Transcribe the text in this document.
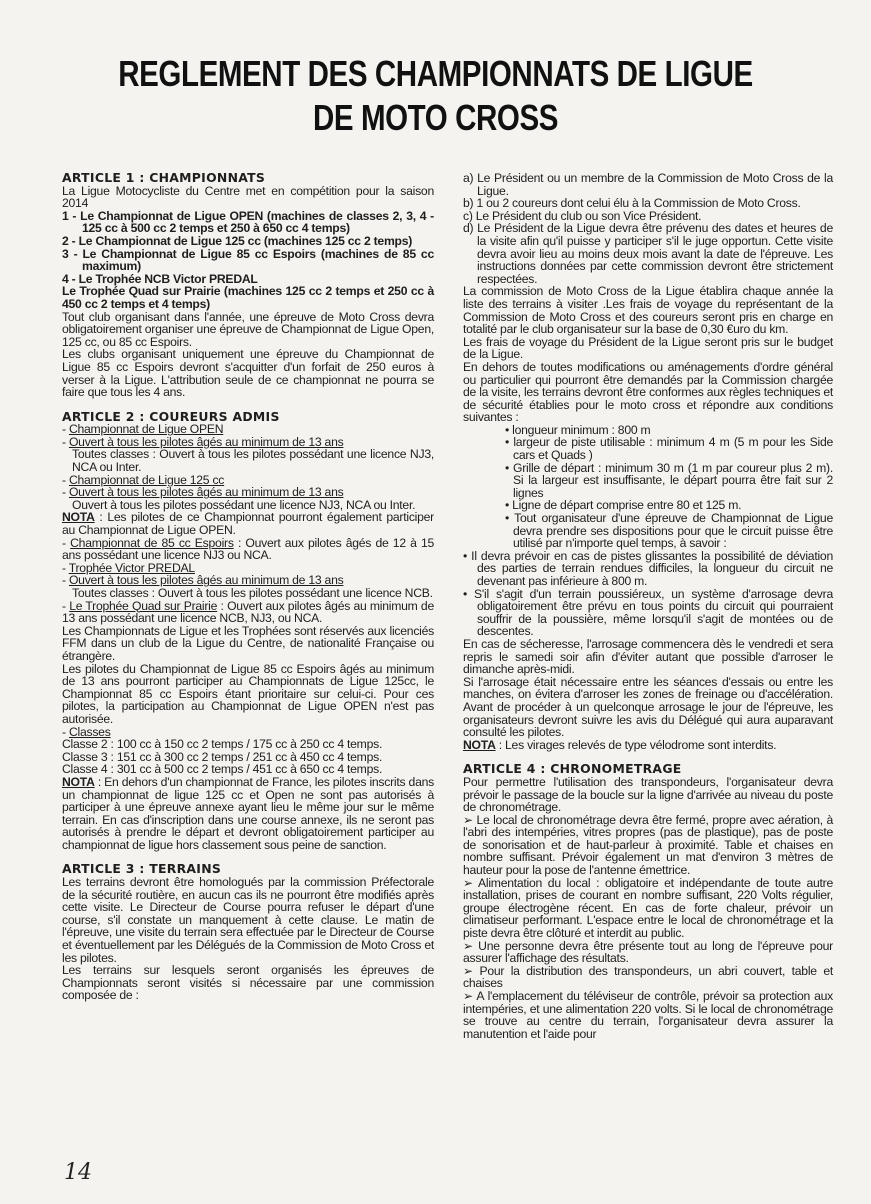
REGLEMENT DES CHAMPIONNATS DE LIGUE
DE MOTO CROSS

ARTICLE 1 : CHAMPIONNATS

La Ligue Motocycliste du Centre met en compétition pour la saison 2014

1 - Le Championnat de Ligue OPEN (machines de classes 2, 3, 4 - 125 cc à 500 cc 2 temps et 250 à 650 cc 4 temps)

2 - Le Championnat de Ligue 125 cc (machines 125 cc 2 temps)

3 - Le Championnat de Ligue 85 cc Espoirs (machines de 85 cc maximum)

4 - Le Trophée NCB Victor PREDAL

Le Trophée Quad sur Prairie (machines 125 cc 2 temps et 250 cc à 450 cc 2 temps et 4 temps)

Tout club organisant dans l'année, une épreuve de Moto Cross devra obligatoirement organiser une épreuve de Championnat de Ligue Open, 125 cc, ou 85 cc Espoirs.

Les clubs organisant uniquement une épreuve du Championnat de Ligue 85 cc Espoirs devront s'acquitter d'un forfait de 250 euros à verser à la Ligue. L'attribution seule de ce championnat ne pourra se faire que tous les 4 ans.

ARTICLE 2 : COUREURS ADMIS

- Championnat de Ligue OPEN

- Ouvert à tous les pilotes âgés au minimum de 13 ans

Toutes classes : Ouvert à tous les pilotes possédant une licence NJ3, NCA ou Inter.

- Championnat de Ligue 125 cc

- Ouvert à tous les pilotes âgés au minimum de 13 ans

Ouvert à tous les pilotes possédant une licence NJ3, NCA ou Inter.

NOTA : Les pilotes de ce Championnat pourront également participer au Championnat de Ligue OPEN.

- Championnat de 85 cc Espoirs : Ouvert aux pilotes âgés de 12 à 15 ans possédant une licence NJ3 ou NCA.

- Trophée Victor PREDAL

- Ouvert à tous les pilotes âgés au minimum de 13 ans

Toutes classes : Ouvert à tous les pilotes possédant une licence NCB.

- Le Trophée Quad sur Prairie : Ouvert aux pilotes âgés au minimum de 13 ans possédant une licence NCB, NJ3, ou NCA.

Les Championnats de Ligue et les Trophées sont réservés aux licenciés FFM dans un club de la Ligue du Centre, de nationalité Française ou étrangère.

Les pilotes du Championnat de Ligue 85 cc Espoirs âgés au minimum de 13 ans pourront participer au Championnats de Ligue 125cc, le Championnat 85 cc Espoirs étant prioritaire sur celui-ci. Pour ces pilotes, la participation au Championnat de Ligue OPEN n'est pas autorisée.

- Classes

Classe 2 : 100 cc à 150 cc 2 temps / 175 cc à 250 cc 4 temps.

Classe 3 : 151 cc à 300 cc 2 temps / 251 cc à 450 cc 4 temps.

Classe 4 : 301 cc à 500 cc 2 temps / 451 cc à 650 cc 4 temps.

NOTA : En dehors d'un championnat de France, les pilotes inscrits dans un championnat de ligue 125 cc et Open ne sont pas autorisés à participer à une épreuve annexe ayant lieu le même jour sur le même terrain. En cas d'inscription dans une course annexe, ils ne seront pas autorisés à prendre le départ et devront obligatoirement participer au championnat de ligue hors classement sous peine de sanction.

ARTICLE 3 : TERRAINS

Les terrains devront être homologués par la commission Préfectorale de la sécurité routière, en aucun cas ils ne pourront être modifiés après cette visite. Le Directeur de Course pourra refuser le départ d'une course, s'il constate un manquement à cette clause. Le matin de l'épreuve, une visite du terrain sera effectuée par le Directeur de Course et éventuellement par les Délégués de la Commission de Moto Cross et les pilotes.

Les terrains sur lesquels seront organisés les épreuves de Championnats seront visités si nécessaire par une commission composée de :

a) Le Président ou un membre de la Commission de Moto Cross de la Ligue.

b) 1 ou 2 coureurs dont celui élu à la Commission de Moto Cross.

c) Le Président du club ou son Vice Président.

d) Le Président de la Ligue devra être prévenu des dates et heures de la visite afin qu'il puisse y participer s'il le juge opportun. Cette visite devra avoir lieu au moins deux mois avant la date de l'épreuve. Les instructions données par cette commission devront être strictement respectées.

La commission de Moto Cross de la Ligue établira chaque année la liste des terrains à visiter .Les frais de voyage du représentant de la Commission de Moto Cross et des coureurs seront pris en charge en totalité par le club organisateur sur la base de 0,30 €uro du km.

Les frais de voyage du Président de la Ligue seront pris sur le budget de la Ligue.

En dehors de toutes modifications ou aménagements d'ordre général ou particulier qui pourront être demandés par la Commission chargée de la visite, les terrains devront être conformes aux règles techniques et de sécurité établies pour le moto cross et répondre aux conditions suivantes :

• longueur minimum : 800 m

• largeur de piste utilisable : minimum 4 m (5 m pour les Side cars et Quads )

• Grille de départ : minimum 30 m (1 m par coureur plus 2 m). Si la largeur est insuffisante, le départ pourra être fait sur 2 lignes

• Ligne de départ comprise entre 80 et 125 m.

• Tout organisateur d'une épreuve de Championnat de Ligue devra prendre ses dispositions pour que le circuit puisse être utilisé par n'importe quel temps, à savoir :

• Il devra prévoir en cas de pistes glissantes la possibilité de déviation des parties de terrain rendues difficiles, la longueur du circuit ne devenant pas inférieure à 800 m.

• S'il s'agit d'un terrain poussiéreux, un système d'arrosage devra obligatoirement être prévu en tous points du circuit qui pourraient souffrir de la poussière, même lorsqu'il s'agit de montées ou de descentes.

En cas de sécheresse, l'arrosage commencera dès le vendredi et sera repris le samedi soir afin d'éviter autant que possible d'arroser le dimanche après-midi.

Si l'arrosage était nécessaire entre les séances d'essais ou entre les manches, on évitera d'arroser les zones de freinage ou d'accélération. Avant de procéder à un quelconque arrosage le jour de l'épreuve, les organisateurs devront suivre les avis du Délégué qui aura auparavant consulté les pilotes.

NOTA : Les virages relevés de type vélodrome sont interdits.

ARTICLE 4 : CHRONOMETRAGE

Pour permettre l'utilisation des transpondeurs, l'organisateur devra prévoir le passage de la boucle sur la ligne d'arrivée au niveau du poste de chronométrage.

➢ Le local de chronométrage devra être fermé, propre avec aération, à l'abri des intempéries, vitres propres (pas de plastique), pas de poste de sonorisation et de haut-parleur à proximité. Table et chaises en nombre suffisant. Prévoir également un mat d'environ 3 mètres de hauteur pour la pose de l'antenne émettrice.

➢ Alimentation du local : obligatoire et indépendante de toute autre installation, prises de courant en nombre suffisant, 220 Volts régulier, groupe électrogène récent. En cas de forte chaleur, prévoir un climatiseur performant. L'espace entre le local de chronométrage et la piste devra être clôturé et interdit au public.

➢ Une personne devra être présente tout au long de l'épreuve pour assurer l'affichage des résultats.

➢ Pour la distribution des transpondeurs, un abri couvert, table et chaises

➢ A l'emplacement du téléviseur de contrôle, prévoir sa protection aux intempéries, et une alimentation 220 volts. Si le local de chronométrage se trouve au centre du terrain, l'organisateur devra assurer la manutention et l'aide pour

14
